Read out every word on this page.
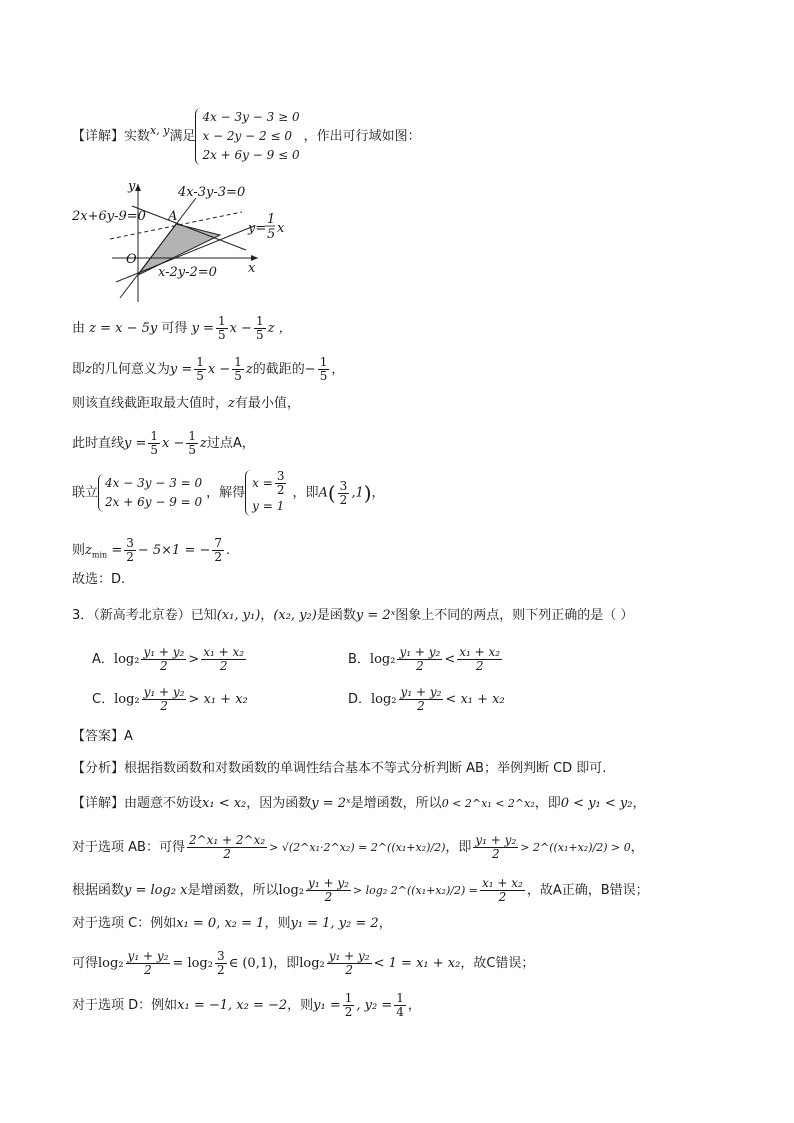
【详解】实数$^{x, y}$满足
4x − 3y − 3 ≥ 0
x − 2y − 2 ≤ 0
2x + 6y − 9 ≤ 0
，作出可行域如图：
y
x
O
A
4x-3y-3=0
2x+6y-9=0
x-2y-2=0
y=
1
5 x
由 z = x − 5y 可得 $y = \frac{1}{5}$ $x - \frac{1}{5}$ z ，
即z的几何意义为$y = \frac{1}{5}$ $x - \frac{1}{5}$ z的截距的− $\frac{1}{5}$ ，
则该直线截距取最大值时，z有最小值，
此时直线$y = \frac{1}{5}$ $x - \frac{1}{5}$ z过点A，
联立
4x − 3y − 3 = 0
2x + 6y − 9 = 0
，解得
$x = \frac{3}{2}$
y = 1
，即$A( \frac{3}{2} ,1)$，
则$z_{min} = \frac{3}{2} - 5\times 1$ = − $\frac{7}{2}$ .
故选：D.
3．（新高考北京卷）已知(x₁, y₁)，(x₂, y₂)是函数y = 2ˣ图象上不同的两点，则下列正确的是（ ）
A．$\log_2 \frac{\text{y₁ + y₂}}{2} > \frac{\text{x₁ + x₂}}{2}$	B．$\log_2 \frac{\text{y₁ + y₂}}{2} < \frac{\text{x₁ + x₂}}{2}$
C．$\log_2 \frac{\text{y₁ + y₂}}{2} > x_1 + x_2$	D．$\log_2 \frac{\text{y₁ + y₂}}{2} < x_1 + x_2$
【答案】A
【分析】根据指数函数和对数函数的单调性结合基本不等式分析判断 AB；举例判断 CD 即可.
【详解】由题意不妨设x₁ < x₂，因为函数y = 2ˣ是增函数，所以0 < 2^x₁ < 2^x₂，即0 < y₁ < y₂，
对于选项 AB：可得 $\frac{\text{2\textasciicircum{}x₁ + 2\textasciicircum{}x₂}}{2}$ > √(2^x₁·2^x₂) = 2^((x₁+x₂)/2)，即 $\frac{\text{y₁ + y₂}}{2}$ > 2^((x₁+x₂)/2) > 0，
根据函数y = log₂ x是增函数，所以$\log_2 \frac{\text{y₁ + y₂}}{2} > \log_2$ 2^((x₁+x₂)/2) = $\frac{\text{x₁ + x₂}}{2}$ ，故A正确，B错误；
对于选项 C：例如x₁ = 0, x₂ = 1，则y₁ = 1, y₂ = 2，
可得$\log_2 \frac{\text{y₁ + y₂}}{2} = \log_2 \frac{3}{2}$ ∈ (0,1)，即$\log_2 \frac{\text{y₁ + y₂}}{2} < 1 = x_1 + x_2$，故C错误；
对于选项 D：例如x₁ = −1, x₂ = −2，则$y_1 = \frac{1}{2}$ , $y_2 = \frac{1}{4}$ ，
